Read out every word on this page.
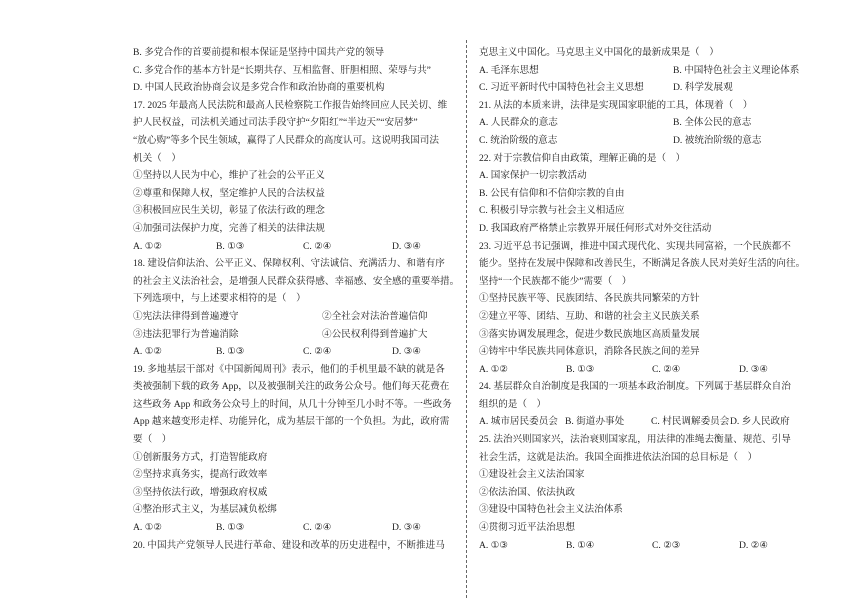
B. 多党合作的首要前提和根本保证是坚持中国共产党的领导
C. 多党合作的基本方针是“长期共存、互相监督、肝胆相照、荣辱与共”
D. 中国人民政治协商会议是多党合作和政治协商的重要机构
17. 2025 年最高人民法院和最高人民检察院工作报告始终回应人民关切、维
护人民权益，司法机关通过司法手段守护“夕阳红”“半边天”“安居梦”
“放心购”等多个民生领域，赢得了人民群众的高度认可。这说明我国司法
机关（    ）
①坚持以人民为中心，维护了社会的公平正义
②尊重和保障人权，坚定维护人民的合法权益
③积极回应民生关切，彰显了依法行政的理念
④加强司法保护力度，完善了相关的法律法规

A. ①②

	B. ①③

	C. ②④

	D. ③④

18. 建设信仰法治、公平正义、保障权利、守法诚信、充满活力、和谐有序
的社会主义法治社会，是增强人民群众获得感、幸福感、安全感的重要举措。
下列选项中，与上述要求相符的是（    ）

①宪法法律得到普遍遵守

	②全社会对法治普遍信仰

③违法犯罪行为普遍消除

	④公民权利得到普遍扩大

A. ①②

	B. ①③

	C. ②④

	D. ③④

19. 多地基层干部对《中国新闻周刊》表示，他们的手机里最不缺的就是各
类被强制下载的政务 App，以及被强制关注的政务公众号。他们每天花费在
这些政务 App 和政务公众号上的时间，从几十分钟至几小时不等。一些政务
App 越来越变形走样、功能异化，成为基层干部的一个负担。为此，政府需
要（    ）
①创新服务方式，打造智能政府
②坚持求真务实，提高行政效率
③坚持依法行政，增强政府权威
④整治形式主义，为基层减负松绑

A. ①②

	B. ①③

	C. ②④

	D. ③④

20. 中国共产党领导人民进行革命、建设和改革的历史进程中，不断推进马
克思主义中国化。马克思主义中国化的最新成果是（    ）

A. 毛泽东思想

	B. 中国特色社会主义理论体系

C. 习近平新时代中国特色社会主义思想

	D. 科学发展观

21. 从法的本质来讲，法律是实现国家职能的工具，体现着（    ）

A. 人民群众的意志

	B. 全体公民的意志

C. 统治阶级的意志

	D. 被统治阶级的意志

22. 对于宗教信仰自由政策，理解正确的是（    ）
A. 国家保护一切宗教活动
B. 公民有信仰和不信仰宗教的自由
C. 积极引导宗教与社会主义相适应
D. 我国政府严格禁止宗教界开展任何形式对外交往活动
23. 习近平总书记强调，推进中国式现代化、实现共同富裕，一个民族都不
能少。坚持在发展中保障和改善民生，不断满足各族人民对美好生活的向往。
坚持“一个民族都不能少”需要（    ）
①坚持民族平等、民族团结、各民族共同繁荣的方针
②建立平等、团结、互助、和谐的社会主义民族关系
③落实协调发展理念，促进少数民族地区高质量发展
④铸牢中华民族共同体意识，消除各民族之间的差异

A. ①②

	B. ①③

	C. ②④

	D. ③④

24. 基层群众自治制度是我国的一项基本政治制度。下列属于基层群众自治
组织的是（    ）

A. 城市居民委员会

B. 街道办事处

	C. 村民调解委员会

D. 乡人民政府

25. 法治兴则国家兴，法治衰则国家乱，用法律的准绳去衡量、规范、引导
社会生活，这就是法治。我国全面推进依法治国的总目标是（    ）
①建设社会主义法治国家
②依法治国、依法执政
③建设中国特色社会主义法治体系
④贯彻习近平法治思想

A. ①③

	B. ①④

	C. ②③

	D. ②④
